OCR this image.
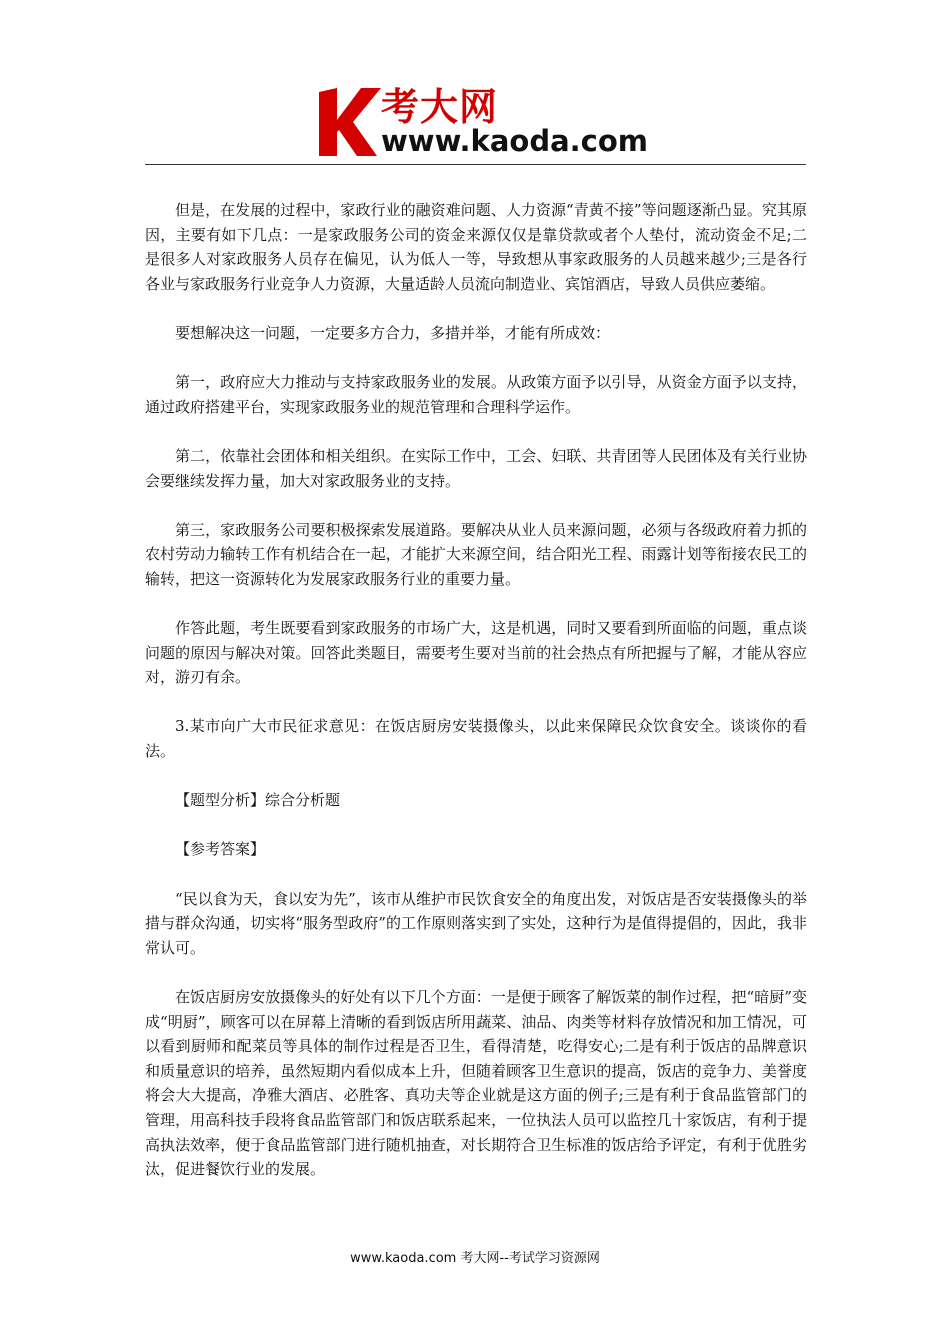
考大网
www.kaoda.com

但是，在发展的过程中，家政行业的融资难问题、人力资源“青黄不接”等问题逐渐凸显。究其原因，主要有如下几点：一是家政服务公司的资金来源仅仅是靠贷款或者个人垫付，流动资金不足;二是很多人对家政服务人员存在偏见，认为低人一等，导致想从事家政服务的人员越来越少;三是各行各业与家政服务行业竞争人力资源，大量适龄人员流向制造业、宾馆酒店，导致人员供应萎缩。

要想解决这一问题，一定要多方合力，多措并举，才能有所成效：

第一，政府应大力推动与支持家政服务业的发展。从政策方面予以引导，从资金方面予以支持，通过政府搭建平台，实现家政服务业的规范管理和合理科学运作。

第二，依靠社会团体和相关组织。在实际工作中，工会、妇联、共青团等人民团体及有关行业协会要继续发挥力量，加大对家政服务业的支持。

第三，家政服务公司要积极探索发展道路。要解决从业人员来源问题，必须与各级政府着力抓的农村劳动力输转工作有机结合在一起，才能扩大来源空间，结合阳光工程、雨露计划等衔接农民工的输转，把这一资源转化为发展家政服务行业的重要力量。

作答此题，考生既要看到家政服务的市场广大，这是机遇，同时又要看到所面临的问题，重点谈问题的原因与解决对策。回答此类题目，需要考生要对当前的社会热点有所把握与了解，才能从容应对，游刃有余。

3.某市向广大市民征求意见：在饭店厨房安装摄像头，以此来保障民众饮食安全。谈谈你的看法。

【题型分析】综合分析题

【参考答案】

“民以食为天，食以安为先”，该市从维护市民饮食安全的角度出发，对饭店是否安装摄像头的举措与群众沟通，切实将“服务型政府”的工作原则落实到了实处，这种行为是值得提倡的，因此，我非常认可。

在饭店厨房安放摄像头的好处有以下几个方面：一是便于顾客了解饭菜的制作过程，把“暗厨”变成“明厨”，顾客可以在屏幕上清晰的看到饭店所用蔬菜、油品、肉类等材料存放情况和加工情况，可以看到厨师和配菜员等具体的制作过程是否卫生，看得清楚，吃得安心;二是有利于饭店的品牌意识和质量意识的培养，虽然短期内看似成本上升，但随着顾客卫生意识的提高，饭店的竞争力、美誉度将会大大提高，净雅大酒店、必胜客、真功夫等企业就是这方面的例子;三是有利于食品监管部门的管理，用高科技手段将食品监管部门和饭店联系起来，一位执法人员可以监控几十家饭店，有利于提高执法效率，便于食品监管部门进行随机抽查，对长期符合卫生标准的饭店给予评定，有利于优胜劣汰，促进餐饮行业的发展。

www.kaoda.com 考大网--考试学习资源网
